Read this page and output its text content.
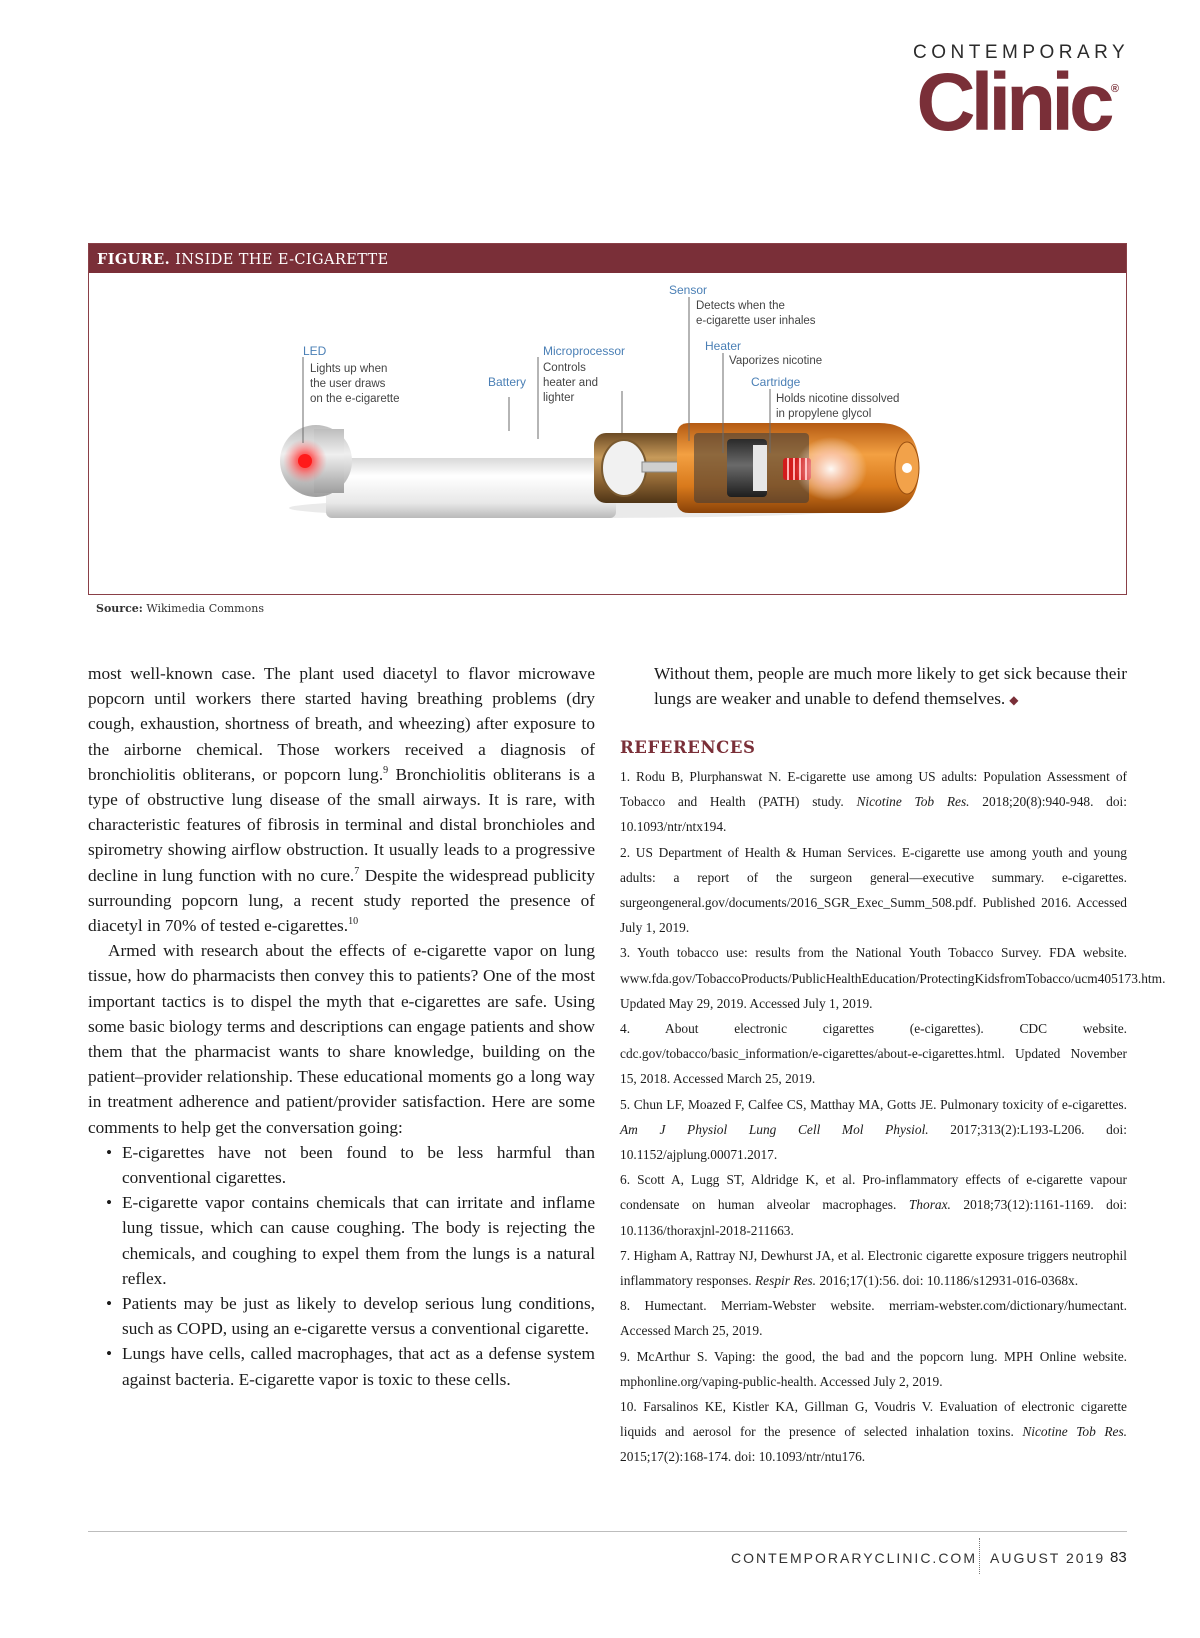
CONTEMPORARY
Clinic ®
FIGURE. INSIDE THE E-CIGARETTE
LED
Lights up when
the user draws
on the e-cigarette
Battery
Microprocessor
Controls
heater and
lighter
Sensor
Detects when the
e-cigarette user inhales
Heater
Vaporizes nicotine
Cartridge
Holds nicotine dissolved
in propylene glycol
Source: Wikimedia Commons

most well-known case. The plant used diacetyl to flavor microwave popcorn until workers there started having breathing problems (dry cough, exhaustion, shortness of breath, and wheezing) after exposure to the airborne chemical. Those workers received a diagnosis of bronchiolitis obliterans, or popcorn lung.$^9$ Bronchiolitis obliterans is a type of obstructive lung disease of the small airways. It is rare, with characteristic features of fibrosis in terminal and distal bronchioles and spirometry showing airflow obstruction. It usually leads to a progressive decline in lung function with no cure.$^7$ Despite the widespread publicity surrounding popcorn lung, a recent study reported the presence of diacetyl in 70% of tested e-cigarettes.$^{10}$

Armed with research about the effects of e-cigarette vapor on lung tissue, how do pharmacists then convey this to patients? One of the most important tactics is to dispel the myth that e-cigarettes are safe. Using some basic biology terms and descriptions can engage patients and show them that the pharmacist wants to share knowledge, building on the patient–provider relationship. These educational moments go a long way in treatment adherence and patient/provider satisfaction. Here are some comments to help get the conversation going:

• E-cigarettes have not been found to be less harmful than conventional cigarettes.
• E-cigarette vapor contains chemicals that can irritate and inflame lung tissue, which can cause coughing. The body is rejecting the chemicals, and coughing to expel them from the lungs is a natural reflex.
• Patients may be just as likely to develop serious lung conditions, such as COPD, using an e-cigarette versus a conventional cigarette.
• Lungs have cells, called macrophages, that act as a defense system against bacteria. E-cigarette vapor is toxic to these cells.

Without them, people are much more likely to get sick because their lungs are weaker and unable to defend themselves. ◆

REFERENCES

1. Rodu B, Plurphanswat N. E-cigarette use among US adults: Population Assessment of Tobacco and Health (PATH) study. Nicotine Tob Res. 2018;20(8):940-948. doi: 10.1093/ntr/ntx194.

2. US Department of Health & Human Services. E-cigarette use among youth and young adults: a report of the surgeon general—executive summary. e-cigarettes. surgeongeneral.gov/documents/2016_SGR_Exec_Summ_508.pdf. Published 2016. Accessed July 1, 2019.

3. Youth tobacco use: results from the National Youth Tobacco Survey. FDA website. www.fda.gov/TobaccoProducts/PublicHealthEducation/ProtectingKidsfromTobacco/ucm405173.htm. Updated May 29, 2019. Accessed July 1, 2019.

4. About electronic cigarettes (e-cigarettes). CDC website. cdc.gov/tobacco/basic_information/e-cigarettes/about-e-cigarettes.html. Updated November 15, 2018. Accessed March 25, 2019.

5. Chun LF, Moazed F, Calfee CS, Matthay MA, Gotts JE. Pulmonary toxicity of e-cigarettes. Am J Physiol Lung Cell Mol Physiol. 2017;313(2):L193-L206. doi: 10.1152/ajplung.00071.2017.

6. Scott A, Lugg ST, Aldridge K, et al. Pro-inflammatory effects of e-cigarette vapour condensate on human alveolar macrophages. Thorax. 2018;73(12):1161-1169. doi: 10.1136/thoraxjnl-2018-211663.

7. Higham A, Rattray NJ, Dewhurst JA, et al. Electronic cigarette exposure triggers neutrophil inflammatory responses. Respir Res. 2016;17(1):56. doi: 10.1186/s12931-016-0368x.

8. Humectant. Merriam-Webster website. merriam-webster.com/dictionary/humectant. Accessed March 25, 2019.

9. McArthur S. Vaping: the good, the bad and the popcorn lung. MPH Online website. mphonline.org/vaping-public-health. Accessed July 2, 2019.

10. Farsalinos KE, Kistler KA, Gillman G, Voudris V. Evaluation of electronic cigarette liquids and aerosol for the presence of selected inhalation toxins. Nicotine Tob Res. 2015;17(2):168-174. doi: 10.1093/ntr/ntu176.

CONTEMPORARYCLINIC.COM AUGUST 2019 83
